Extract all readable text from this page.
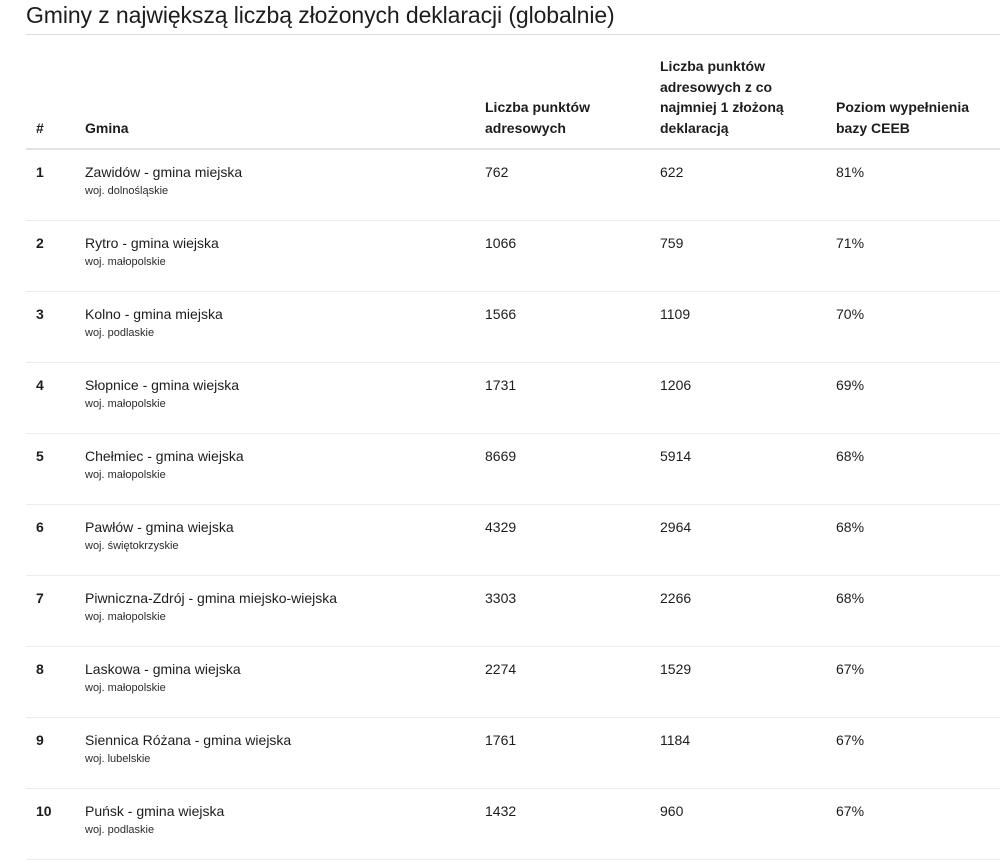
Gminy z największą liczbą złożonych deklaracji (globalnie)
#	Gmina	Liczba punktów
adresowych	Liczba punktów
adresowych z co
najmniej 1 złożoną
deklaracją	Poziom wypełnienia
bazy CEEB

1	Zawidów - gmina miejska
woj. dolnośląskie	762	622	81%
2	Rytro - gmina wiejska
woj. małopolskie	1066	759	71%
3	Kolno - gmina miejska
woj. podlaskie	1566	1109	70%
4	Słopnice - gmina wiejska
woj. małopolskie	1731	1206	69%
5	Chełmiec - gmina wiejska
woj. małopolskie	8669	5914	68%
6	Pawłów - gmina wiejska
woj. świętokrzyskie	4329	2964	68%
7	Piwniczna-Zdrój - gmina miejsko-wiejska
woj. małopolskie	3303	2266	68%
8	Laskowa - gmina wiejska
woj. małopolskie	2274	1529	67%
9	Siennica Różana - gmina wiejska
woj. lubelskie	1761	1184	67%
10	Puńsk - gmina wiejska
woj. podlaskie	1432	960	67%
